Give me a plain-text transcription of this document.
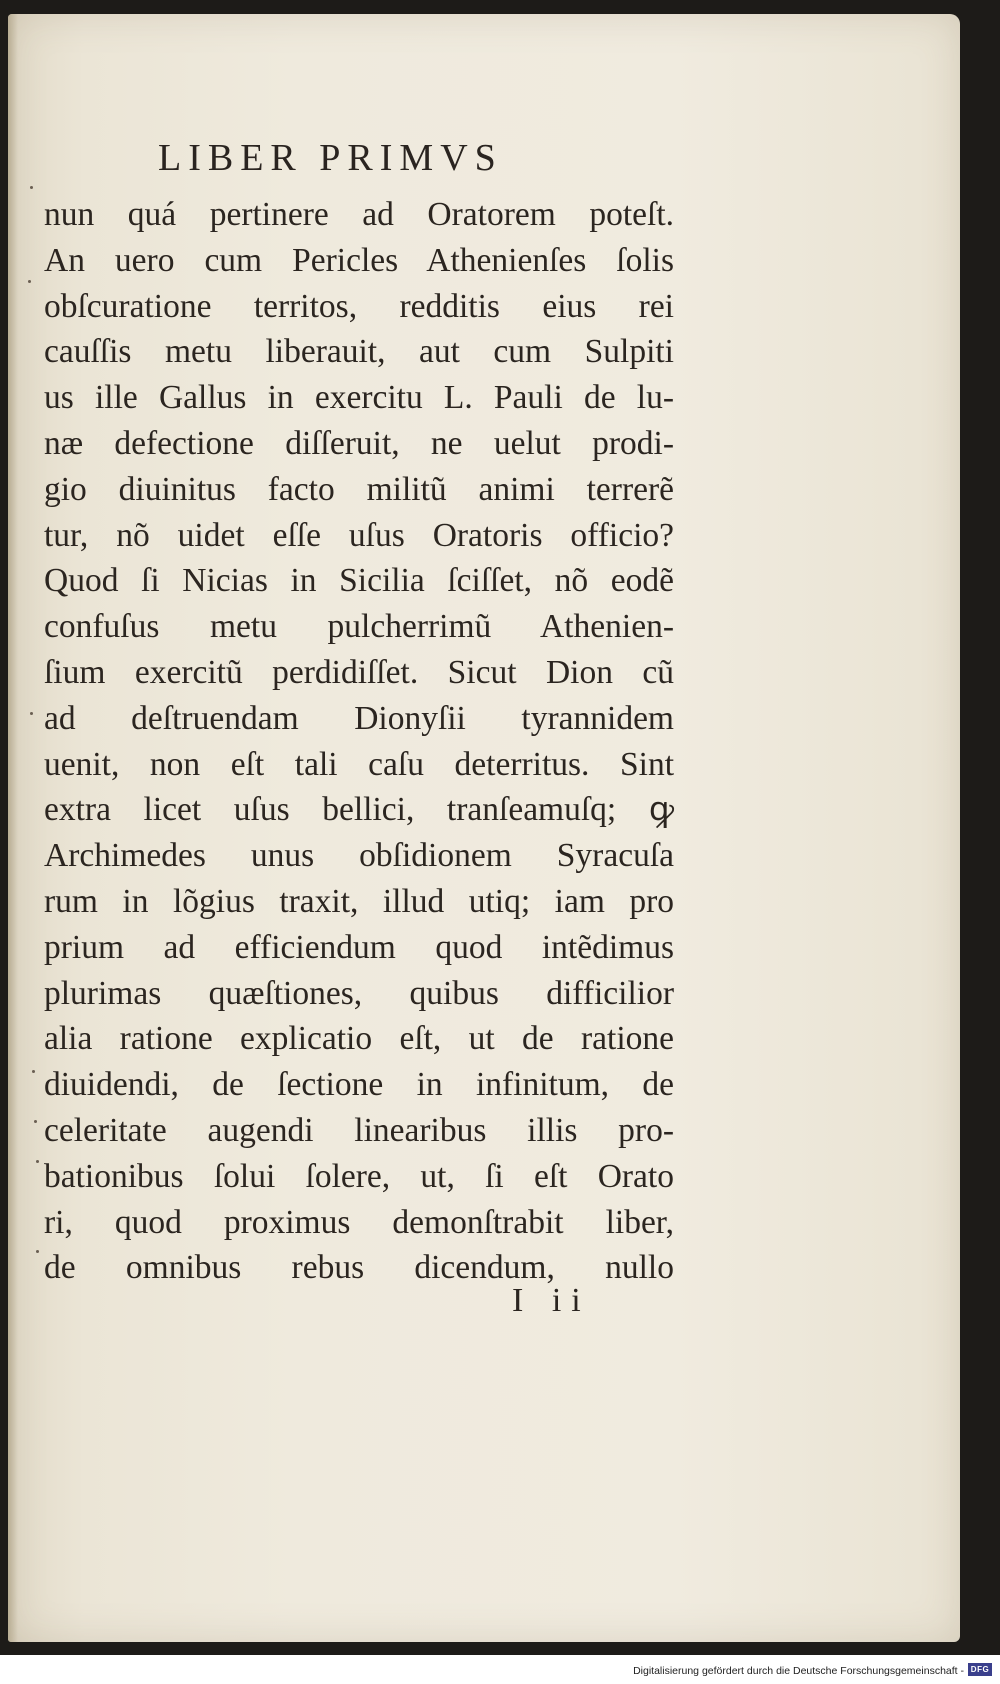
LIBER PRIMVS
nun quá pertinere ad Oratorem poteſt.
An uero cum Pericles Athenienſes ſolis
obſcuratione territos, redditis eius rei
cauſſis metu liberauit, aut cum Sulpiti
us ille Gallus in exercitu L. Pauli de lu-
næ defectione diſſeruit, ne uelut prodi-
gio diuinitus facto militũ animi terrerẽ
tur, nõ uidet eſſe uſus Oratoris officio?
Quod ſi Nicias in Sicilia ſciſſet, nõ eodẽ
confuſus metu pulcherrimũ Athenien-
ſium exercitũ perdidiſſet. Sicut Dion cũ
ad deſtruendam Dionyſii tyrannidem
uenit, non eſt tali caſu deterritus. Sint
extra licet uſus bellici, tranſeamuſq; ꝙ
Archimedes unus obſidionem Syracuſa
rum in lõgius traxit, illud utiq; iam pro
prium ad efficiendum quod intẽdimus
plurimas quæſtiones, quibus difficilior
alia ratione explicatio eſt, ut de ratione
diuidendi, de ſectione in infinitum, de
celeritate augendi linearibus illis pro-
bationibus ſolui ſolere, ut, ſi eſt Orato
ri, quod proximus demonſtrabit liber,
de omnibus rebus dicendum, nullo
I ii
Digitalisierung gefördert durch die Deutsche Forschungsgemeinschaft - DFG
